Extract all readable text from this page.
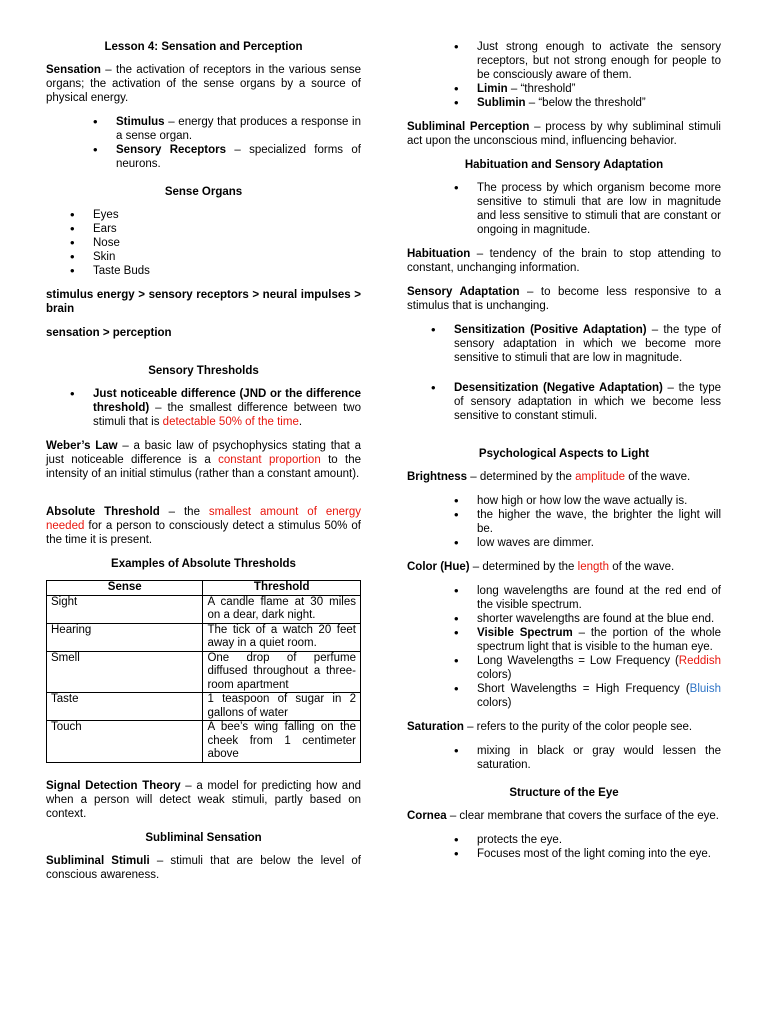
Lesson 4: Sensation and Perception

Sensation – the activation of receptors in the various sense organs; the activation of the sense organs by a source of physical energy.

• Stimulus – energy that produces a response in a sense organ.
• Sensory Receptors – specialized forms of neurons.
Sense Organs
• Eyes
• Ears
• Nose
• Skin
• Taste Buds

stimulus energy > sensory receptors > neural impulses > brain

sensation > perception

Sensory Thresholds
• Just noticeable difference (JND or the difference threshold) – the smallest difference between two stimuli that is detectable 50% of the time.

Weber’s Law – a basic law of psychophysics stating that a just noticeable difference is a constant proportion to the intensity of an initial stimulus (rather than a constant amount).

Absolute Threshold – the smallest amount of energy needed for a person to consciously detect a stimulus 50% of the time it is present.

Examples of Absolute Thresholds
Sense	Threshold
Sight	A candle flame at 30 miles on a dear, dark night.
Hearing	The tick of a watch 20 feet away in a quiet room.
Smell	One drop of perfume diffused throughout a three-room apartment
Taste	1 teaspoon of sugar in 2 gallons of water
Touch	A bee’s wing falling on the cheek from 1 centimeter above

Signal Detection Theory – a model for predicting how and when a person will detect weak stimuli, partly based on context.

Subliminal Sensation

Subliminal Stimuli – stimuli that are below the level of conscious awareness.

• Just strong enough to activate the sensory receptors, but not strong enough for people to be consciously aware of them.
• Limin – “threshold”
• Sublimin – “below the threshold”

Subliminal Perception – process by why subliminal stimuli act upon the unconscious mind, influencing behavior.

Habituation and Sensory Adaptation
• The process by which organism become more sensitive to stimuli that are low in magnitude and less sensitive to stimuli that are constant or ongoing in magnitude.

Habituation – tendency of the brain to stop attending to constant, unchanging information.

Sensory Adaptation – to become less responsive to a stimulus that is unchanging.

• Sensitization (Positive Adaptation) – the type of sensory adaptation in which we become more sensitive to stimuli that are low in magnitude.
• Desensitization (Negative Adaptation) – the type of sensory adaptation in which we become less sensitive to constant stimuli.
Psychological Aspects to Light

Brightness – determined by the amplitude of the wave.

• how high or how low the wave actually is.
• the higher the wave, the brighter the light will be.
• low waves are dimmer.

Color (Hue) – determined by the length of the wave.

• long wavelengths are found at the red end of the visible spectrum.
• shorter wavelengths are found at the blue end.
• Visible Spectrum – the portion of the whole spectrum light that is visible to the human eye.
• Long Wavelengths = Low Frequency (Reddish colors)
• Short Wavelengths = High Frequency (Bluish colors)

Saturation – refers to the purity of the color people see.

• mixing in black or gray would lessen the saturation.
Structure of the Eye

Cornea – clear membrane that covers the surface of the eye.

• protects the eye.
• Focuses most of the light coming into the eye.
